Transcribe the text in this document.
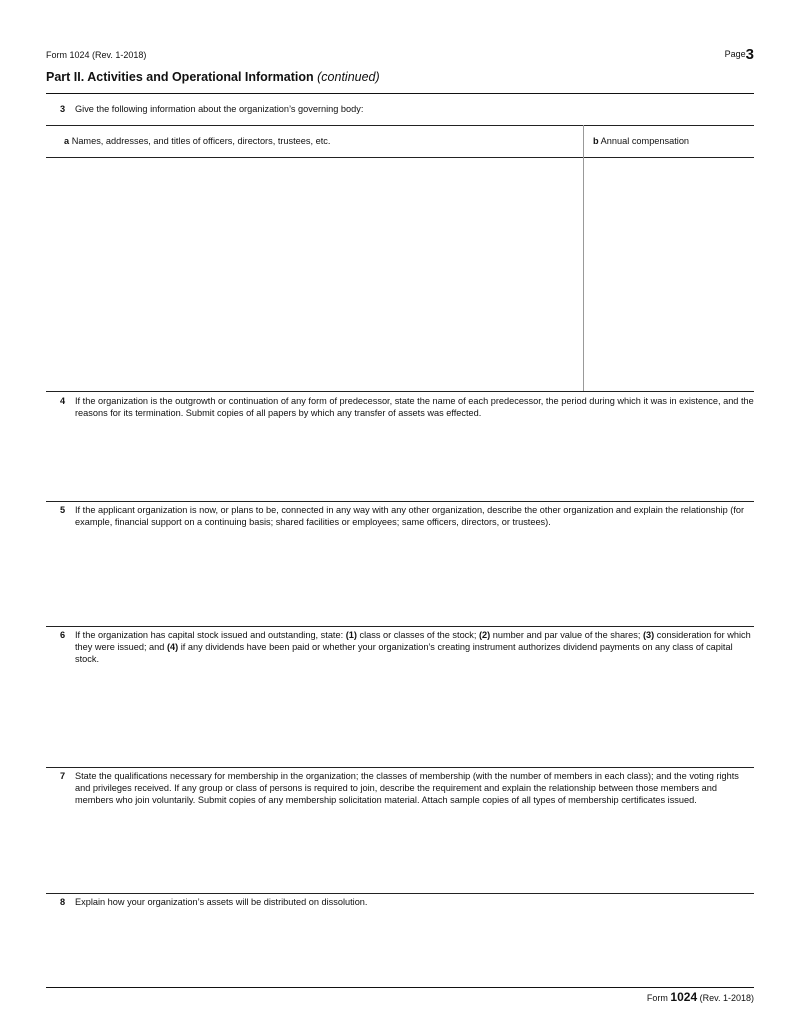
Form 1024 (Rev. 1-2018)	Page3
Part II. Activities and Operational Information (continued)
3 Give the following information about the organization’s governing body:
a Names, addresses, and titles of officers, directors, trustees, etc.	b Annual compensation
4 If the organization is the outgrowth or continuation of any form of predecessor, state the name of each predecessor, the period during which it was in existence, and the reasons for its termination. Submit copies of all papers by which any transfer of assets was effected.
5 If the applicant organization is now, or plans to be, connected in any way with any other organization, describe the other organization and explain the relationship (for example, financial support on a continuing basis; shared facilities or employees; same officers, directors, or trustees).
6 If the organization has capital stock issued and outstanding, state: (1) class or classes of the stock; (2) number and par value of the shares; (3) consideration for which they were issued; and (4) if any dividends have been paid or whether your organization’s creating instrument authorizes dividend payments on any class of capital stock.
7 State the qualifications necessary for membership in the organization; the classes of membership (with the number of members in each class); and the voting rights and privileges received. If any group or class of persons is required to join, describe the requirement and explain the relationship between those members and members who join voluntarily. Submit copies of any membership solicitation material. Attach sample copies of all types of membership certificates issued.
8 Explain how your organization’s assets will be distributed on dissolution.
Form 1024 (Rev. 1-2018)
